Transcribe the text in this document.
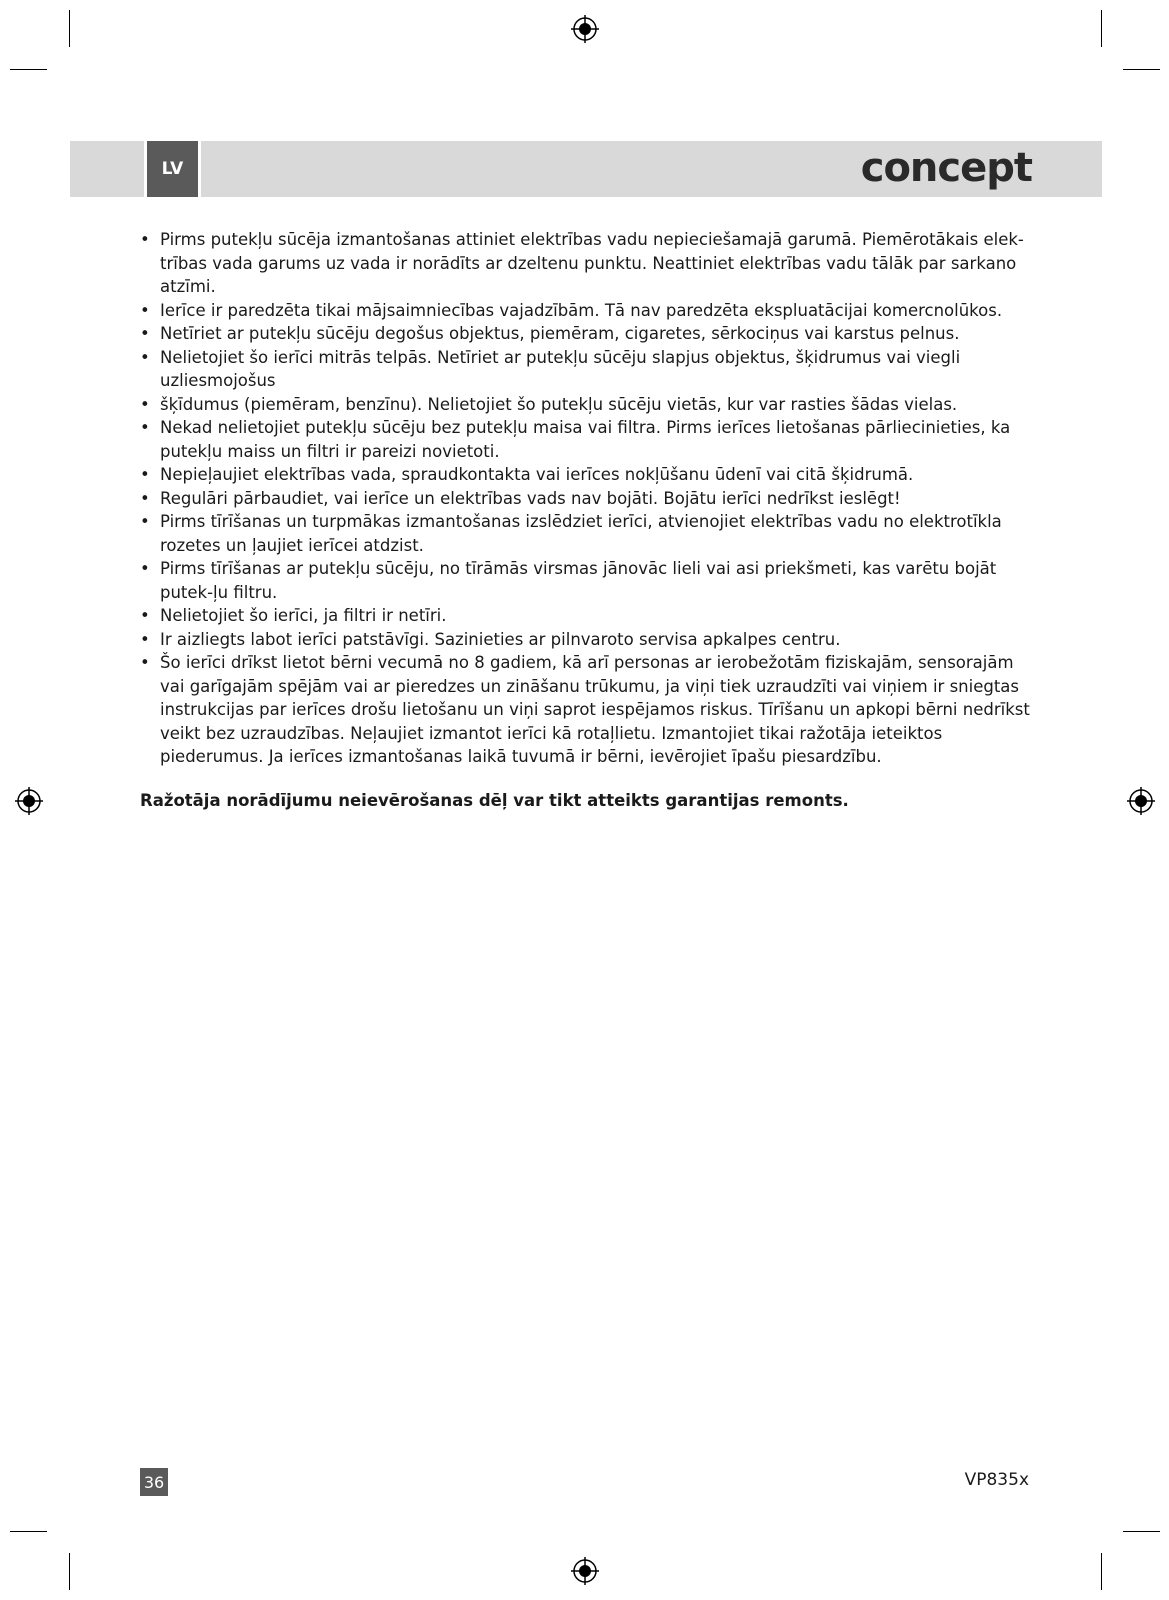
LV	concept
• Pirms putekļu sūcēja izmantošanas attiniet elektrības vadu nepieciešamajā garumā. Piemērotākais elek-trības vada garums uz vada ir norādīts ar dzeltenu punktu. Neattiniet elektrības vadu tālāk par sarkano atzīmi.
• Ierīce ir paredzēta tikai mājsaimniecības vajadzībām. Tā nav paredzēta ekspluatācijai komercnolūkos.
• Netīriet ar putekļu sūcēju degošus objektus, piemēram, cigaretes, sērkociņus vai karstus pelnus.
• Nelietojiet šo ierīci mitrās telpās. Netīriet ar putekļu sūcēju slapjus objektus, šķidrumus vai viegli uzliesmojošus
• šķīdumus (piemēram, benzīnu). Nelietojiet šo putekļu sūcēju vietās, kur var rasties šādas vielas.
• Nekad nelietojiet putekļu sūcēju bez putekļu maisa vai filtra. Pirms ierīces lietošanas pārliecinieties, ka putekļu maiss un filtri ir pareizi novietoti.
• Nepieļaujiet elektrības vada, spraudkontakta vai ierīces nokļūšanu ūdenī vai citā šķidrumā.
• Regulāri pārbaudiet, vai ierīce un elektrības vads nav bojāti. Bojātu ierīci nedrīkst ieslēgt!
• Pirms tīrīšanas un turpmākas izmantošanas izslēdziet ierīci, atvienojiet elektrības vadu no elektrotīkla rozetes un ļaujiet ierīcei atdzist.
• Pirms tīrīšanas ar putekļu sūcēju, no tīrāmās virsmas jānovāc lieli vai asi priekšmeti, kas varētu bojāt putek-ļu filtru.
• Nelietojiet šo ierīci, ja filtri ir netīri.
• Ir aizliegts labot ierīci patstāvīgi. Sazinieties ar pilnvaroto servisa apkalpes centru.
• Šo ierīci drīkst lietot bērni vecumā no 8 gadiem, kā arī personas ar ierobežotām fiziskajām, sensorajām vai garīgajām spējām vai ar pieredzes un zināšanu trūkumu, ja viņi tiek uzraudzīti vai viņiem ir sniegtas instrukcijas par ierīces drošu lietošanu un viņi saprot iespējamos riskus. Tīrīšanu un apkopi bērni nedrīkst veikt bez uzraudzības. Neļaujiet izmantot ierīci kā rotaļlietu. Izmantojiet tikai ražotāja ieteiktos piederumus. Ja ierīces izmantošanas laikā tuvumā ir bērni, ievērojiet īpašu piesardzību.

Ražotāja norādījumu neievērošanas dēļ var tikt atteikts garantijas remonts.

36	VP835x
